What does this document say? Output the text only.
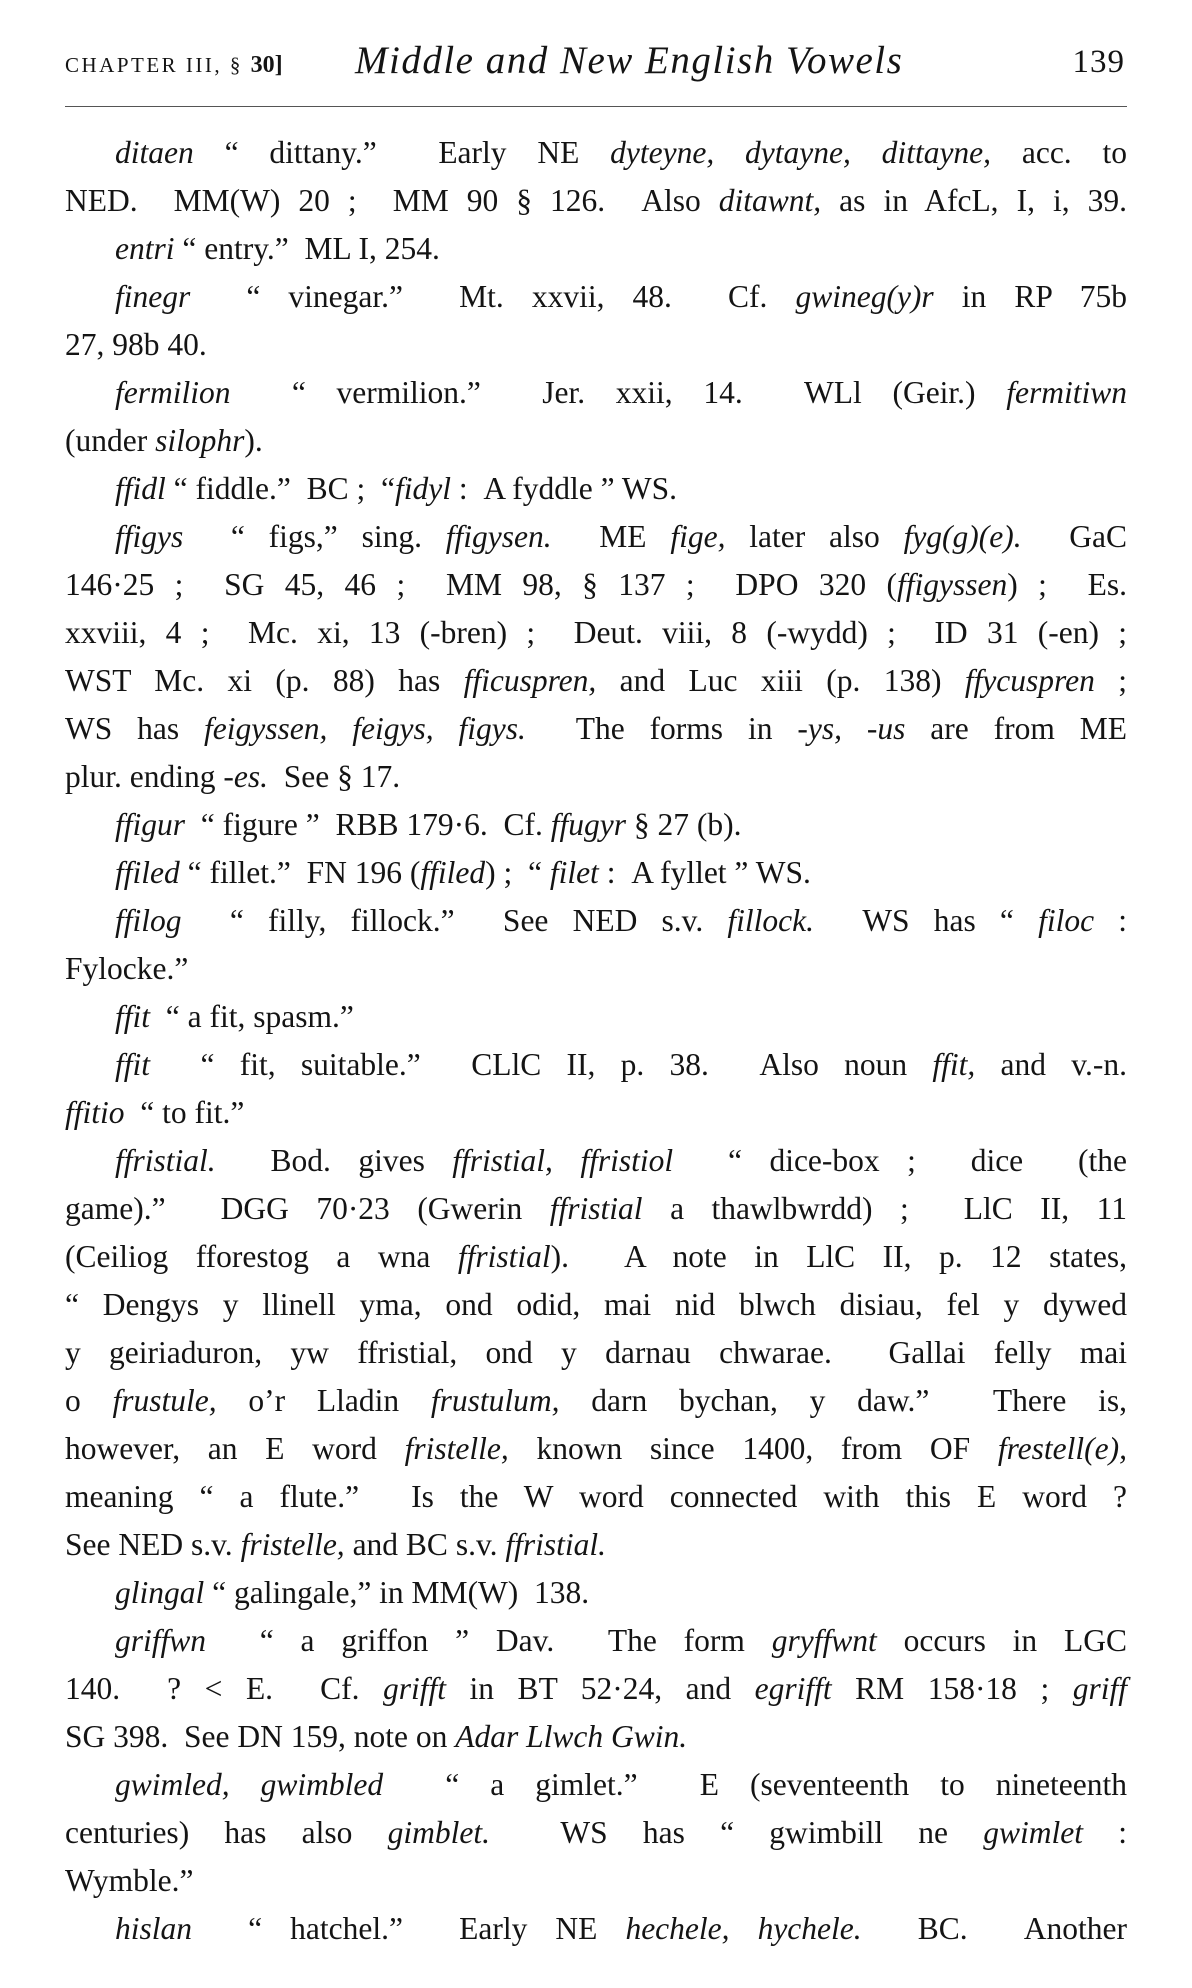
CHAPTER III, § 30] Middle and New English Vowels	139
ditaen “ dittany.”  Early NE dyteyne, dytayne, dittayne, acc. to
NED.  MM(W) 20 ;  MM 90 § 126.  Also ditawnt, as in AfcL, I, i, 39.
entri “ entry.”  ML I, 254.
finegr  “ vinegar.”  Mt. xxvii, 48.  Cf. gwineg(y)r in RP 75b
27, 98b 40.
fermilion  “ vermilion.”  Jer. xxii, 14.  WLl (Geir.) fermitiwn
(under silophr).
ffidl “ fiddle.”  BC ;  “fidyl :  A fyddle ” WS.
ffigys  “ figs,” sing. ffigysen.  ME fige, later also fyg(g)(e).  GaC
146·25 ;  SG 45, 46 ;  MM 98, § 137 ;  DPO 320 (ffigyssen) ;  Es.
xxviii, 4 ;  Mc. xi, 13 (-bren) ;  Deut. viii, 8 (-wydd) ;  ID 31 (-en) ;
WST Mc. xi (p. 88) has fficuspren, and Luc xiii (p. 138) ffycuspren ;
WS has feigyssen, feigys, figys.  The forms in -ys, -us are from ME
plur. ending -es.  See § 17.
ffigur  “ figure ”  RBB 179·6.  Cf. ffugyr § 27 (b).
ffiled “ fillet.”  FN 196 (ffiled) ;  “ filet :  A fyllet ” WS.
ffilog  “ filly, fillock.”  See NED s.v. fillock.  WS has “ filoc :
Fylocke.”
ffit  “ a fit, spasm.”
ffit  “ fit, suitable.”  CLlC II, p. 38.  Also noun ffit, and v.-n.
ffitio  “ to fit.”
ffristial.  Bod. gives ffristial, ffristiol  “ dice-box ;  dice  (the
game).”  DGG 70·23 (Gwerin ffristial a thawlbwrdd) ;  LlC II, 11
(Ceiliog fforestog a wna ffristial).  A note in LlC II, p. 12 states,
“ Dengys y llinell yma, ond odid, mai nid blwch disiau, fel y dywed
y geiriaduron, yw ffristial, ond y darnau chwarae.  Gallai felly mai
o frustule, o’r Lladin frustulum, darn bychan, y daw.”  There is,
however, an E word fristelle, known since 1400, from OF frestell(e),
meaning “ a flute.”  Is the W word connected with this E word ?
See NED s.v. fristelle, and BC s.v. ffristial.
glingal “ galingale,” in MM(W)  138.
griffwn  “ a griffon ” Dav.  The form gryffwnt occurs in LGC
140.  ? < E.  Cf. grifft in BT 52·24, and egrifft RM 158·18 ; griff
SG 398.  See DN 159, note on Adar Llwch Gwin.
gwimled, gwimbled  “ a gimlet.”  E (seventeenth to nineteenth
centuries) has also gimblet.  WS has “ gwimbill ne gwimlet :
Wymble.”
hislan  “ hatchel.”  Early NE hechele, hychele.  BC.  Another
